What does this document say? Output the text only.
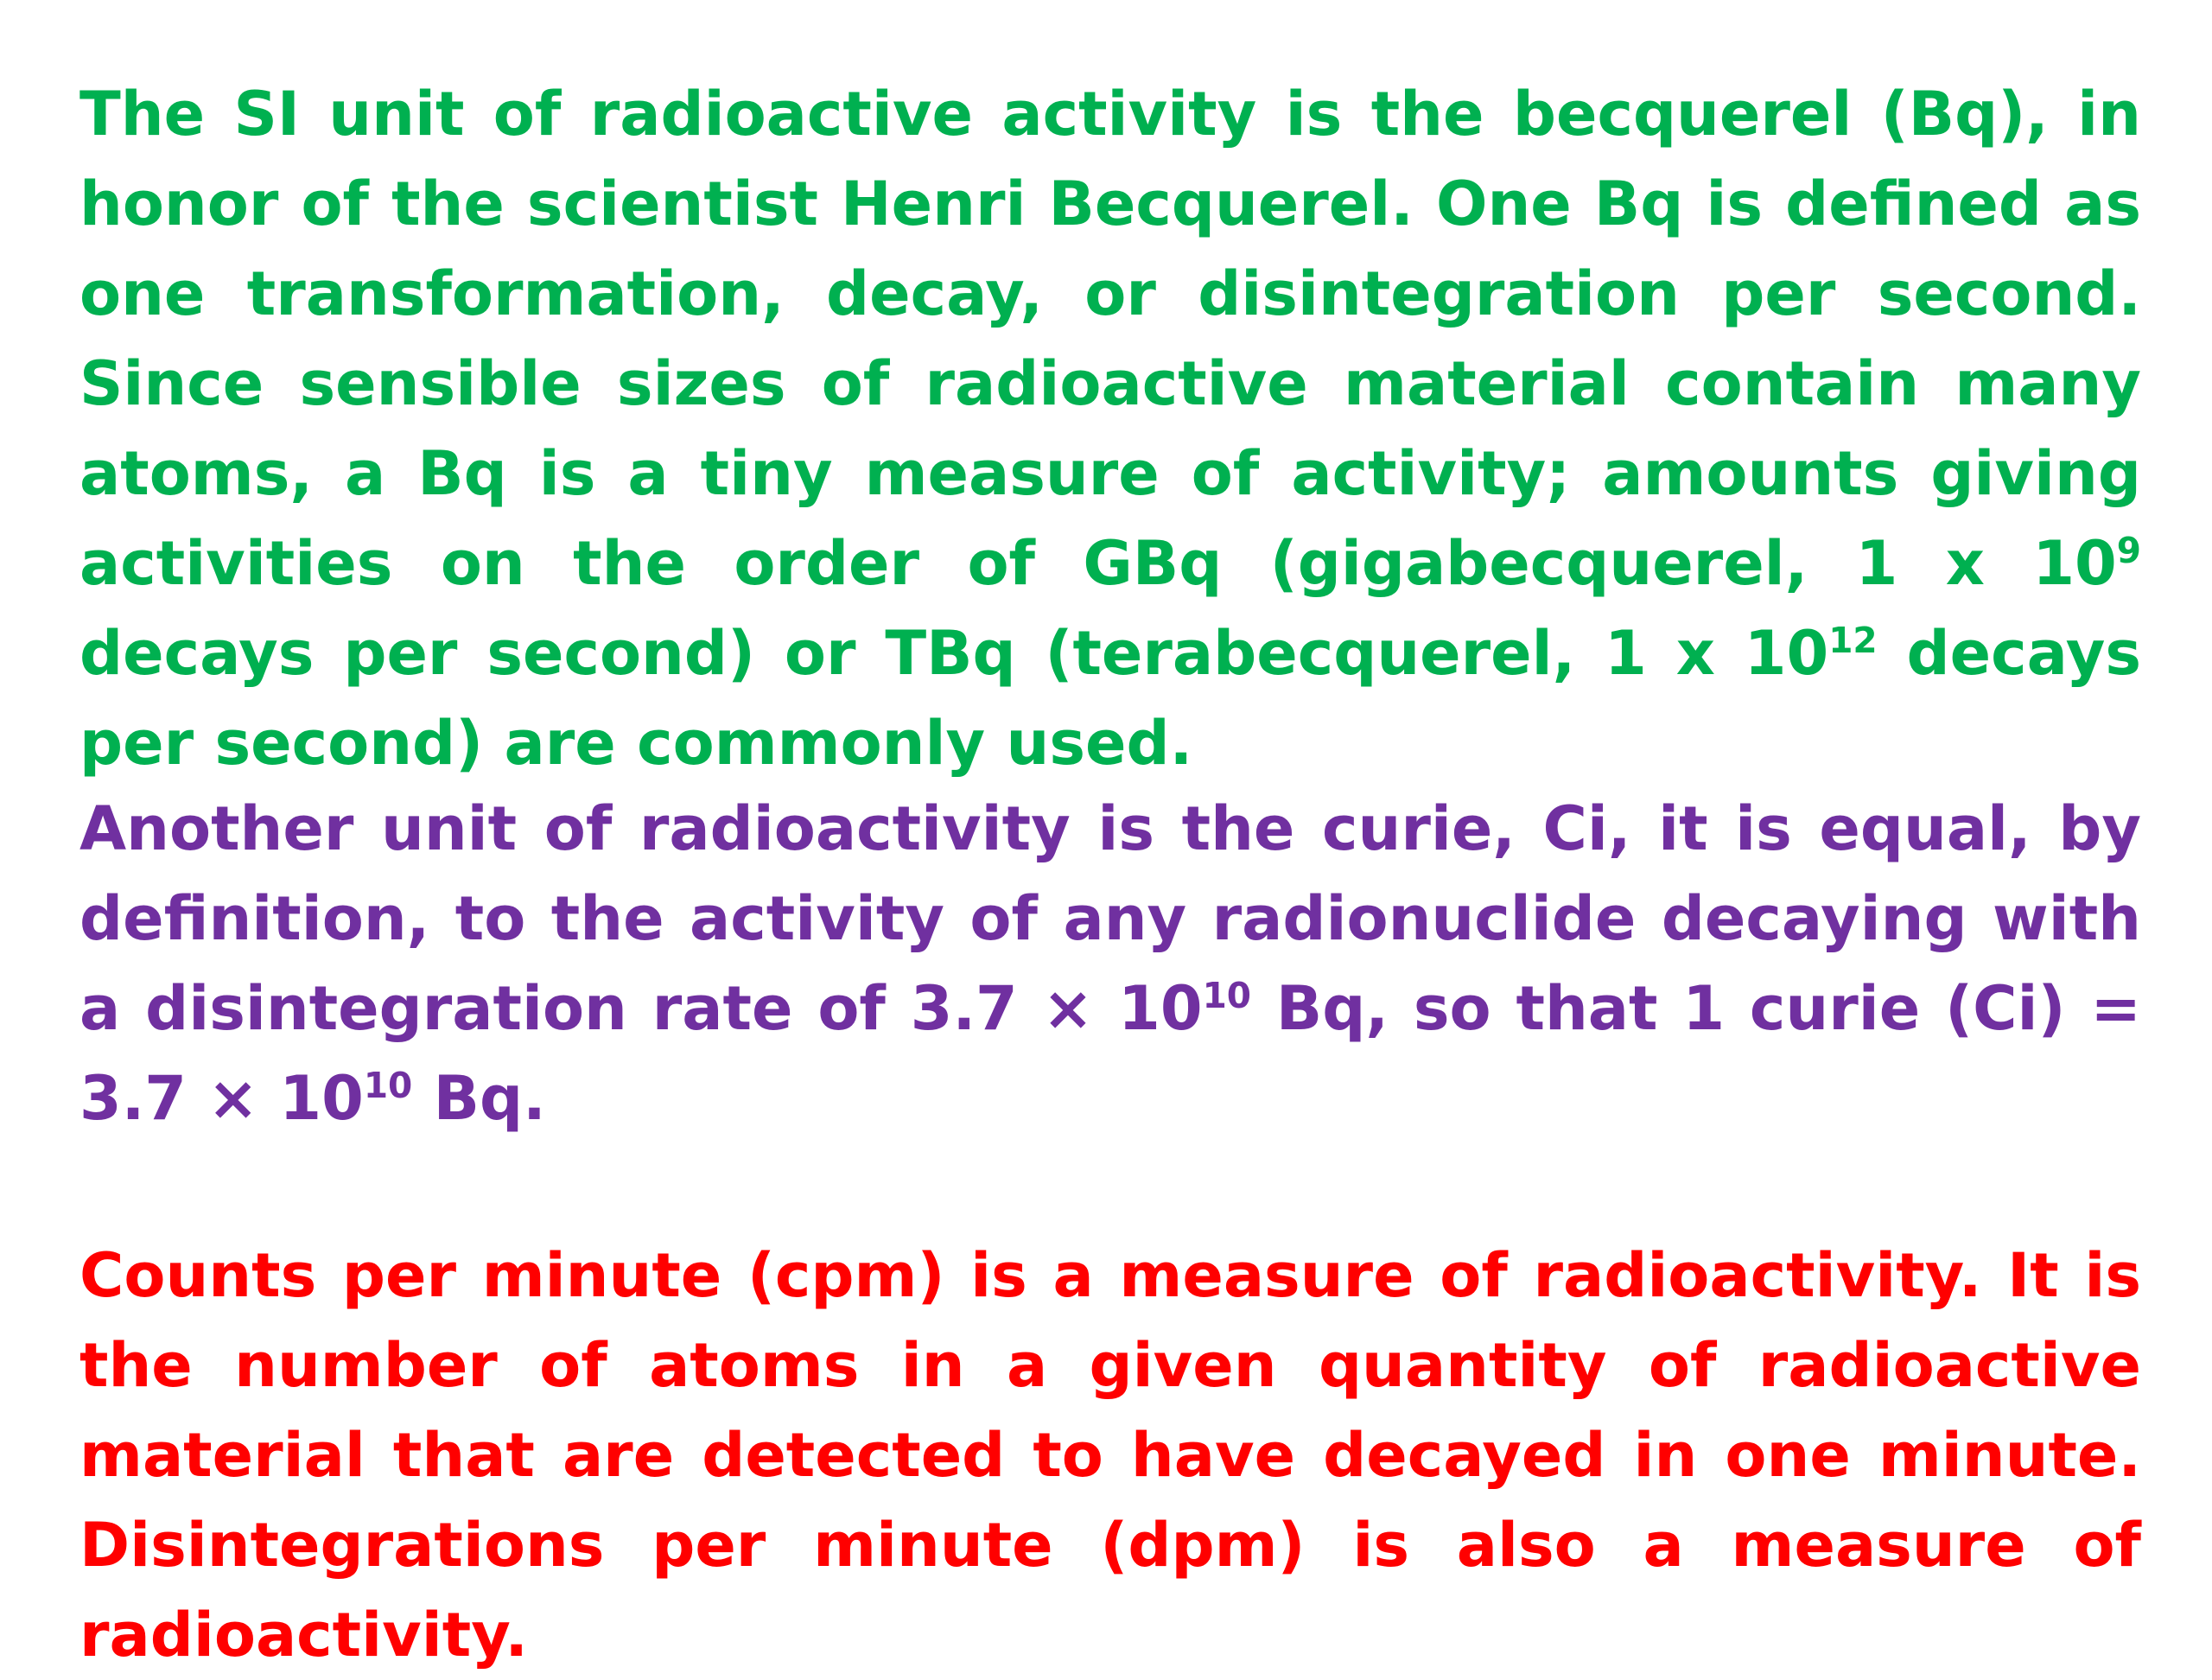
The SI unit of radioactive activity is the becquerel (Bq), in honor of the scientist Henri Becquerel. One Bq is defined as one transformation, decay, or disintegration per second. Since sensible sizes of radioactive material contain many atoms, a Bq is a tiny measure of activity; amounts giving activities on the order of GBq (gigabecquerel, 1 x $10^9$ decays per second) or TBq (terabecquerel, 1 x $10^{12}$ decays per second) are commonly used.

Another unit of radioactivity is the curie, Ci, it is equal, by definition, to the activity of any radionuclide decaying with a disintegration rate of $3.7 \times 10^{10}$ Bq, so that 1 curie $(Ci) = 3.7 \times 10^{10}$ Bq.

Counts per minute (cpm) is a measure of radioactivity. It is the number of atoms in a given quantity of radioactive material that are detected to have decayed in one minute. Disintegrations per minute (dpm) is also a measure of radioactivity.
